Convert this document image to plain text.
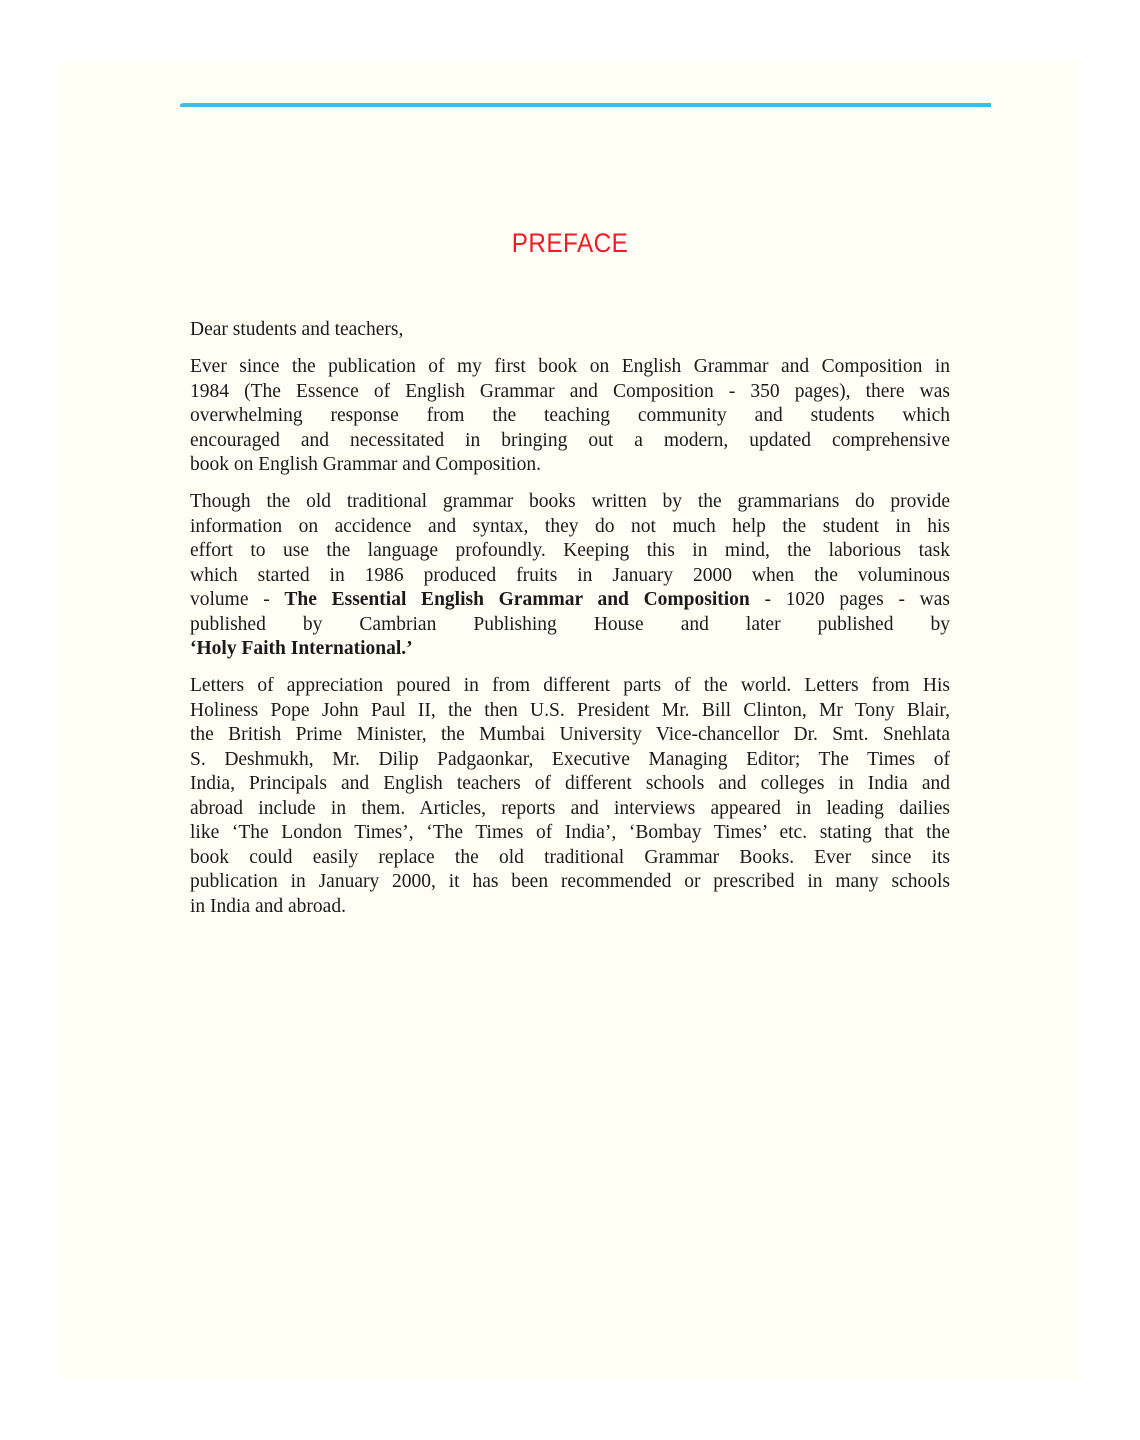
PREFACE
Dear students and teachers,
Ever since the publication of my first book on English Grammar and Composition in
1984 (The Essence of English Grammar and Composition - 350 pages), there was
overwhelming response from the teaching community and students which
encouraged and necessitated in bringing out a modern, updated comprehensive
book on English Grammar and Composition.
Though the old traditional grammar books written by the grammarians do provide
information on accidence and syntax, they do not much help the student in his
effort to use the language profoundly. Keeping this in mind, the laborious task
which started in 1986 produced fruits in January 2000 when the voluminous
volume - The Essential English Grammar and Composition - 1020 pages - was
published by Cambrian Publishing House and later published by
‘Holy Faith International.’
Letters of appreciation poured in from different parts of the world. Letters from His
Holiness Pope John Paul II, the then U.S. President Mr. Bill Clinton, Mr Tony Blair,
the British Prime Minister, the Mumbai University Vice-chancellor Dr. Smt. Snehlata
S. Deshmukh, Mr. Dilip Padgaonkar, Executive Managing Editor; The Times of
India, Principals and English teachers of different schools and colleges in India and
abroad include in them. Articles, reports and interviews appeared in leading dailies
like ‘The London Times’, ‘The Times of India’, ‘Bombay Times’ etc. stating that the
book could easily replace the old traditional Grammar Books. Ever since its
publication in January 2000, it has been recommended or prescribed in many schools
in India and abroad.
